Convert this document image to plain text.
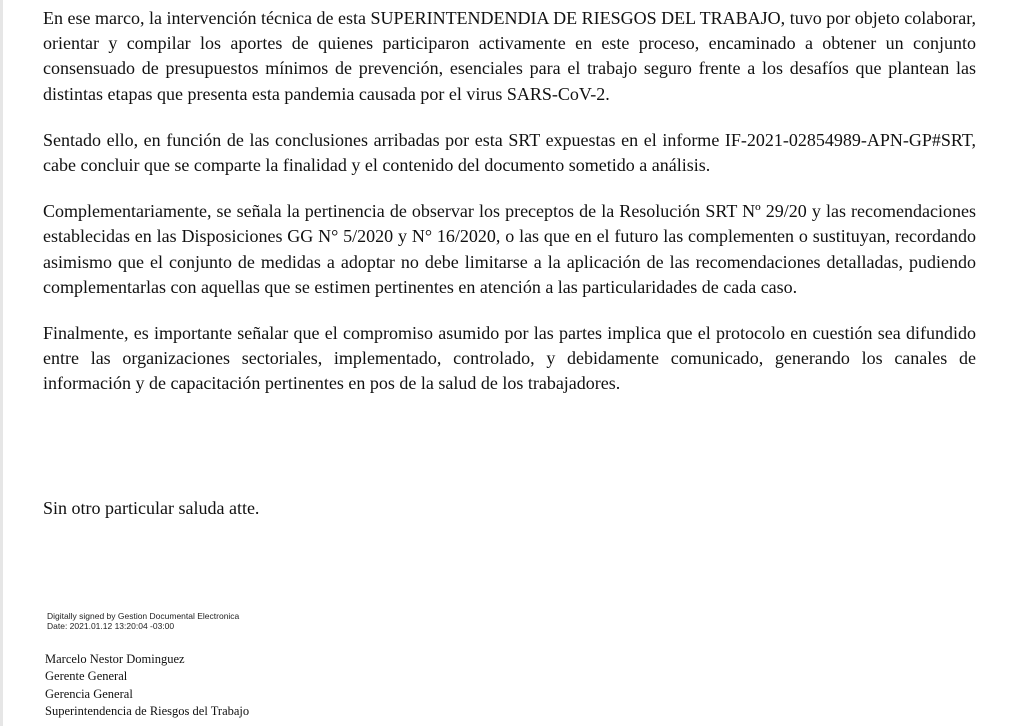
En ese marco, la intervención técnica de esta SUPERINTENDENDIA DE RIESGOS DEL TRABAJO, tuvo por objeto colaborar, orientar y compilar los aportes de quienes participaron activamente en este proceso, encaminado a obtener un conjunto consensuado de presupuestos mínimos de prevención, esenciales para el trabajo seguro frente a los desafíos que plantean las distintas etapas que presenta esta pandemia causada por el virus SARS-CoV-2.

Sentado ello, en función de las conclusiones arribadas por esta SRT expuestas en el informe IF-2021-02854989-APN-GP#SRT, cabe concluir que se comparte la finalidad y el contenido del documento sometido a análisis.

Complementariamente, se señala la pertinencia de observar los preceptos de la Resolución SRT Nº 29/20 y las recomendaciones establecidas en las Disposiciones GG N° 5/2020 y N° 16/2020, o las que en el futuro las complementen o sustituyan, recordando asimismo que el conjunto de medidas a adoptar no debe limitarse a la aplicación de las recomendaciones detalladas, pudiendo complementarlas con aquellas que se estimen pertinentes en atención a las particularidades de cada caso.

Finalmente, es importante señalar que el compromiso asumido por las partes implica que el protocolo en cuestión sea difundido entre las organizaciones sectoriales, implementado, controlado, y debidamente comunicado, generando los canales de información y de capacitación pertinentes en pos de la salud de los trabajadores.

Sin otro particular saluda atte.
Digitally signed by Gestion Documental Electronica
Date: 2021.01.12 13:20:04 -03:00
Marcelo Nestor Dominguez
Gerente General
Gerencia General
Superintendencia de Riesgos del Trabajo
